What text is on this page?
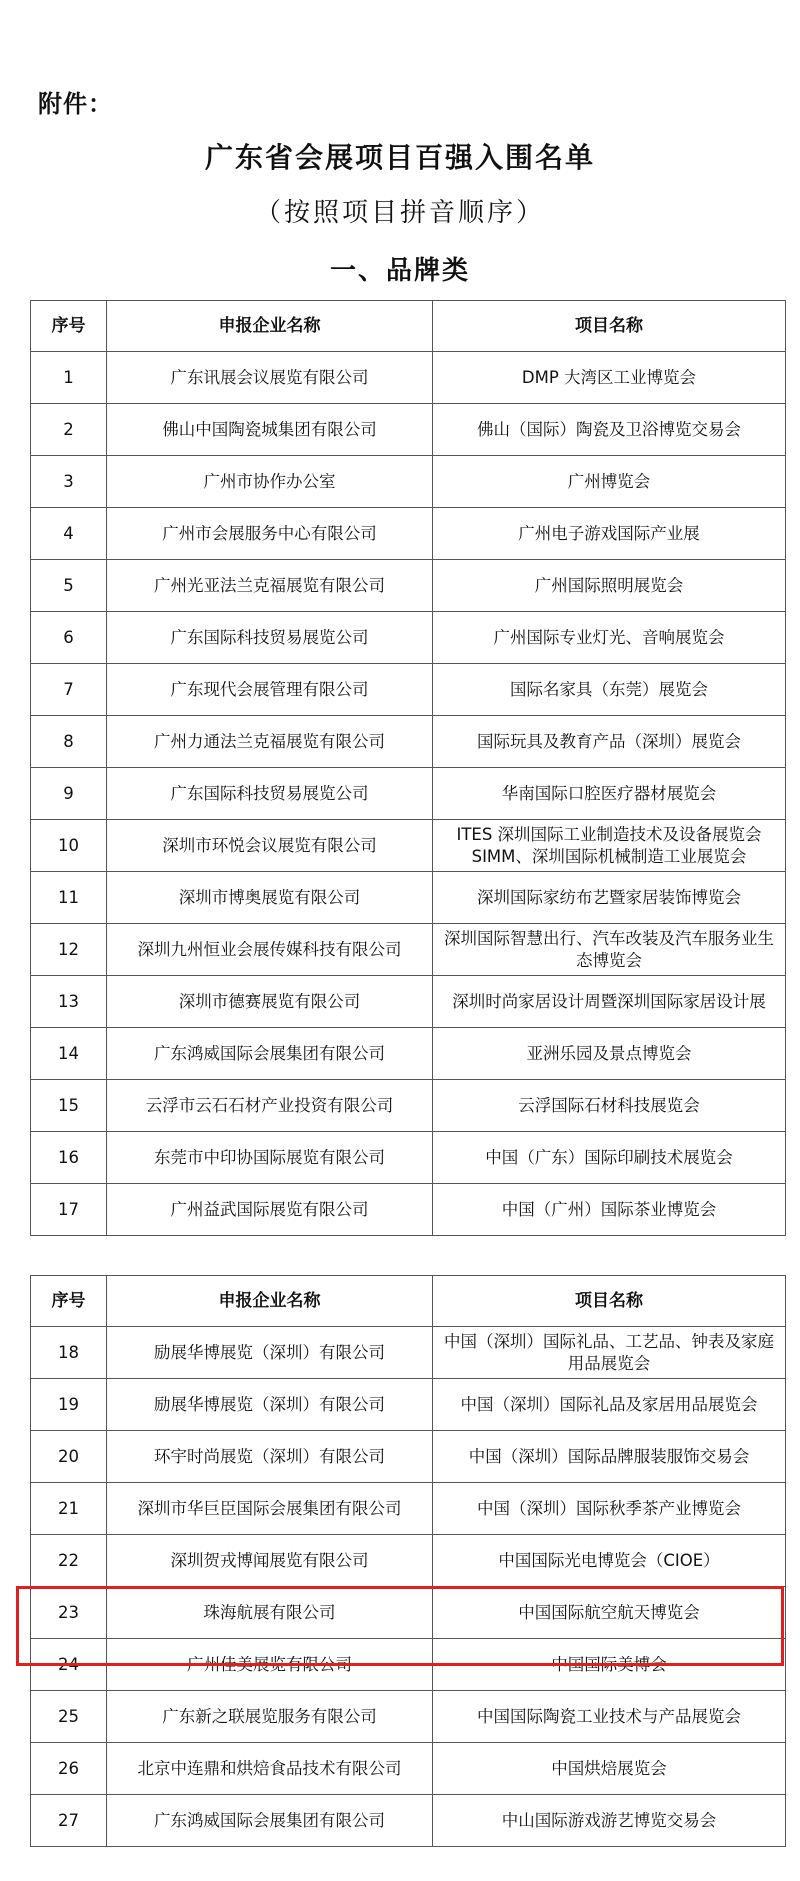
附件：
广东省会展项目百强入围名单
（按照项目拼音顺序）
一、品牌类
序号	申报企业名称	项目名称
1	广东讯展会议展览有限公司	DMP 大湾区工业博览会
2	佛山中国陶瓷城集团有限公司	佛山（国际）陶瓷及卫浴博览交易会
3	广州市协作办公室	广州博览会
4	广州市会展服务中心有限公司	广州电子游戏国际产业展
5	广州光亚法兰克福展览有限公司	广州国际照明展览会
6	广东国际科技贸易展览公司	广州国际专业灯光、音响展览会
7	广东现代会展管理有限公司	国际名家具（东莞）展览会
8	广州力通法兰克福展览有限公司	国际玩具及教育产品（深圳）展览会
9	广东国际科技贸易展览公司	华南国际口腔医疗器材展览会
10	深圳市环悦会议展览有限公司	ITES 深圳国际工业制造技术及设备展览会 SIMM、深圳国际机械制造工业展览会
11	深圳市博奥展览有限公司	深圳国际家纺布艺暨家居装饰博览会
12	深圳九州恒业会展传媒科技有限公司	深圳国际智慧出行、汽车改装及汽车服务业生态博览会
13	深圳市德赛展览有限公司	深圳时尚家居设计周暨深圳国际家居设计展
14	广东鸿威国际会展集团有限公司	亚洲乐园及景点博览会
15	云浮市云石石材产业投资有限公司	云浮国际石材科技展览会
16	东莞市中印协国际展览有限公司	中国（广东）国际印刷技术展览会
17	广州益武国际展览有限公司	中国（广州）国际茶业博览会
序号	申报企业名称	项目名称
18	励展华博展览（深圳）有限公司	中国（深圳）国际礼品、工艺品、钟表及家庭用品展览会
19	励展华博展览（深圳）有限公司	中国（深圳）国际礼品及家居用品展览会
20	环宇时尚展览（深圳）有限公司	中国（深圳）国际品牌服装服饰交易会
21	深圳市华巨臣国际会展集团有限公司	中国（深圳）国际秋季茶产业博览会
22	深圳贺戎博闻展览有限公司	中国国际光电博览会（CIOE）
23	珠海航展有限公司	中国国际航空航天博览会
24	广州佳美展览有限公司	中国国际美博会
25	广东新之联展览服务有限公司	中国国际陶瓷工业技术与产品展览会
26	北京中连鼎和烘焙食品技术有限公司	中国烘焙展览会
27	广东鸿威国际会展集团有限公司	中山国际游戏游艺博览交易会
